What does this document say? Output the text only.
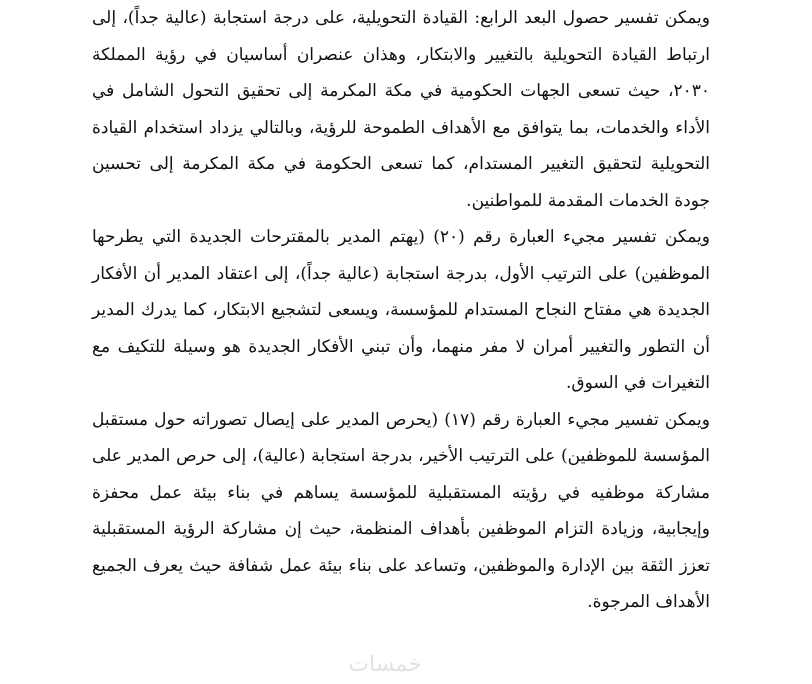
ويمكن تفسير حصول البعد الرابع: القيادة التحويلية، على درجة استجابة (عالية جداً)، إلى ارتباط القيادة التحويلية بالتغيير والابتكار، وهذان عنصران أساسيان في رؤية المملكة ٢٠٣٠، حيث تسعى الجهات الحكومية في مكة المكرمة إلى تحقيق التحول الشامل في الأداء والخدمات، بما يتوافق مع الأهداف الطموحة للرؤية، وبالتالي يزداد استخدام القيادة التحويلية لتحقيق التغيير المستدام، كما تسعى الحكومة في مكة المكرمة إلى تحسين جودة الخدمات المقدمة للمواطنين.

ويمكن تفسير مجيء العبارة رقم (٢٠) (يهتم المدير بالمقترحات الجديدة التي يطرحها الموظفين) على الترتيب الأول، بدرجة استجابة (عالية جداً)، إلى اعتقاد المدير أن الأفكار الجديدة هي مفتاح النجاح المستدام للمؤسسة، ويسعى لتشجيع الابتكار، كما يدرك المدير أن التطور والتغيير أمران لا مفر منهما، وأن تبني الأفكار الجديدة هو وسيلة للتكيف مع التغيرات في السوق.

ويمكن تفسير مجيء العبارة رقم (١٧) (يحرص المدير على إيصال تصوراته حول مستقبل المؤسسة للموظفين) على الترتيب الأخير، بدرجة استجابة (عالية)، إلى حرص المدير على مشاركة موظفيه في رؤيته المستقبلية للمؤسسة يساهم في بناء بيئة عمل محفزة وإيجابية، وزيادة التزام الموظفين بأهداف المنظمة، حيث إن مشاركة الرؤية المستقبلية تعزز الثقة بين الإدارة والموظفين، وتساعد على بناء بيئة عمل شفافة حيث يعرف الجميع الأهداف المرجوة.

خمسات
